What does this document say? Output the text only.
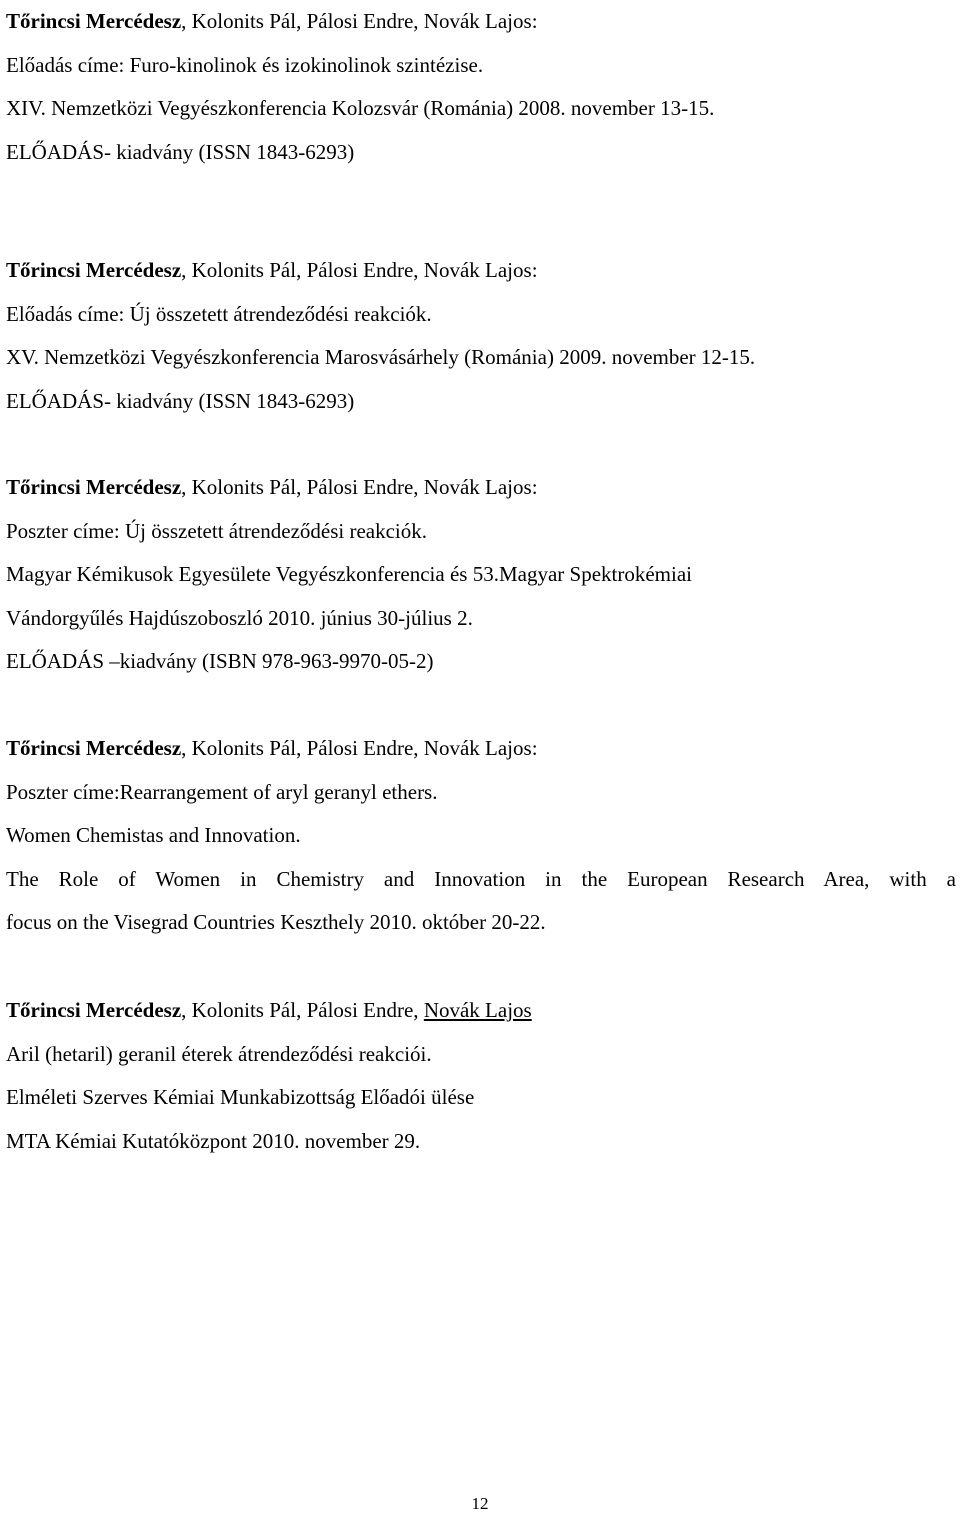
Tőrincsi Mercédesz, Kolonits Pál, Pálosi Endre, Novák Lajos:
Előadás címe: Furo-kinolinok és izokinolinok szintézise.
XIV. Nemzetközi Vegyészkonferencia Kolozsvár (Románia) 2008. november 13-15.
ELŐADÁS- kiadvány (ISSN 1843-6293)
Tőrincsi Mercédesz, Kolonits Pál, Pálosi Endre, Novák Lajos:
Előadás címe: Új összetett átrendeződési reakciók.
XV. Nemzetközi Vegyészkonferencia Marosvásárhely (Románia) 2009. november 12-15.
ELŐADÁS- kiadvány (ISSN 1843-6293)
Tőrincsi Mercédesz, Kolonits Pál, Pálosi Endre, Novák Lajos:
Poszter címe: Új összetett átrendeződési reakciók.
Magyar Kémikusok Egyesülete Vegyészkonferencia és 53.Magyar Spektrokémiai
Vándorgyűlés Hajdúszoboszló 2010. június 30-július 2.
ELŐADÁS –kiadvány (ISBN 978-963-9970-05-2)
Tőrincsi Mercédesz, Kolonits Pál, Pálosi Endre, Novák Lajos:
Poszter címe:Rearrangement of aryl geranyl ethers.
Women Chemistas and Innovation.
The Role of Women in Chemistry and Innovation in the European Research Area, with a
focus on the Visegrad Countries Keszthely 2010. október 20-22.
Tőrincsi Mercédesz, Kolonits Pál, Pálosi Endre, Novák Lajos
Aril (hetaril) geranil éterek átrendeződési reakciói.
Elméleti Szerves Kémiai Munkabizottság Előadói ülése
MTA Kémiai Kutatóközpont 2010. november 29.
12
